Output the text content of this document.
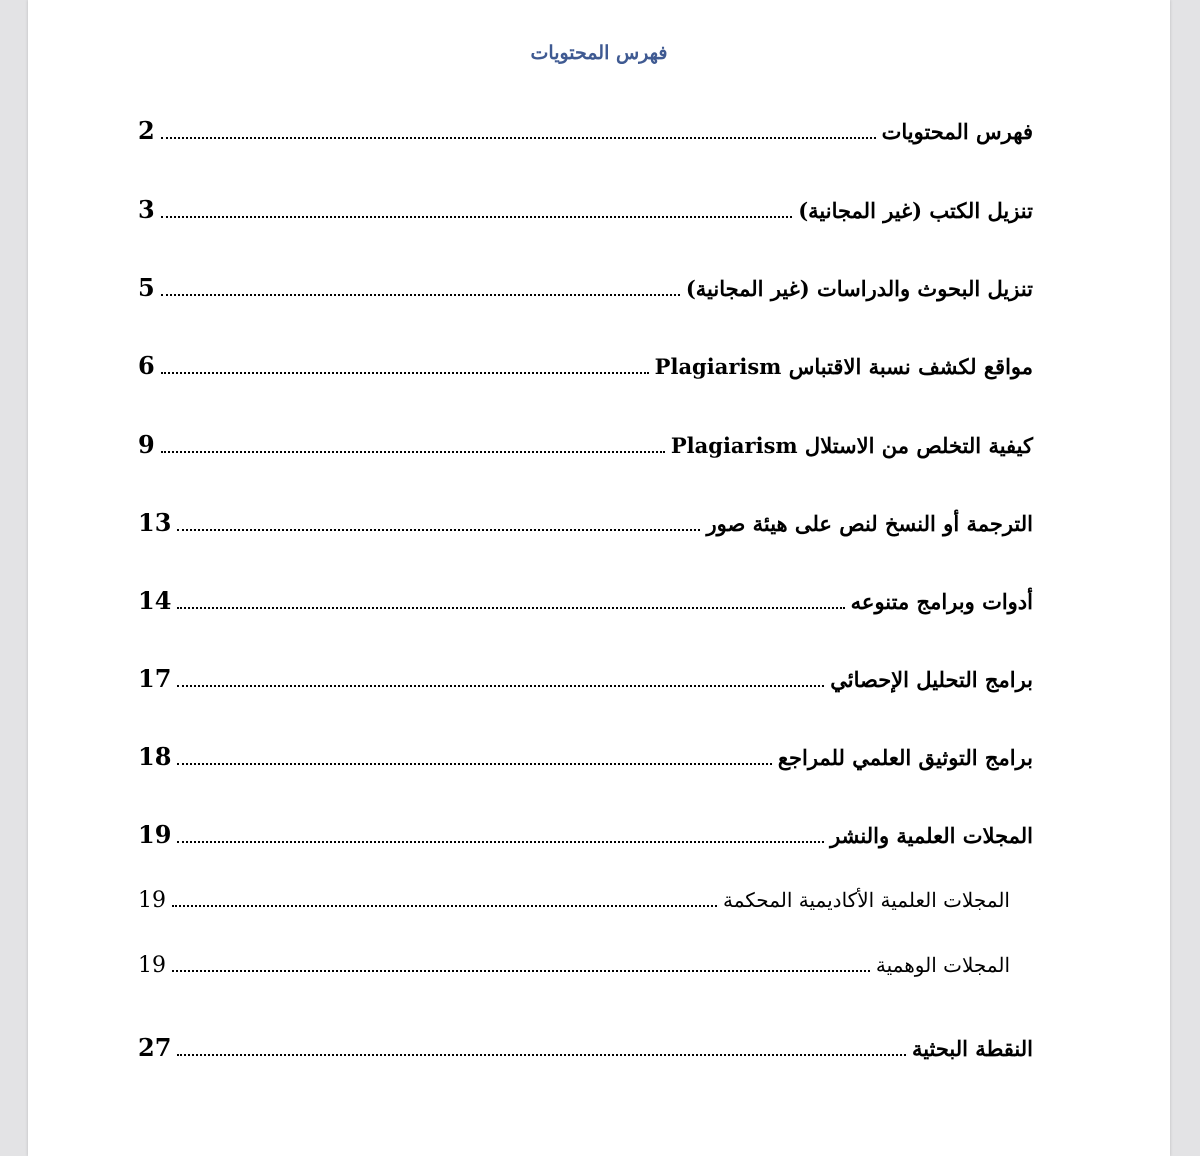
فهرس المحتويات
فهرس المحتويات
2
تنزيل الكتب (غير المجانية)
3
تنزيل البحوث والدراسات (غير المجانية)
5
مواقع لكشف نسبة الاقتباس Plagiarism
6
كيفية التخلص من الاستلال Plagiarism
9
الترجمة أو النسخ لنص على هيئة صور
13
أدوات وبرامج متنوعه
14
برامج التحليل الإحصائي
17
برامج التوثيق العلمي للمراجع
18
المجلات العلمية والنشر
19
المجلات العلمية الأكاديمية المحكمة
19
المجلات الوهمية
19
النقطة البحثية
27
